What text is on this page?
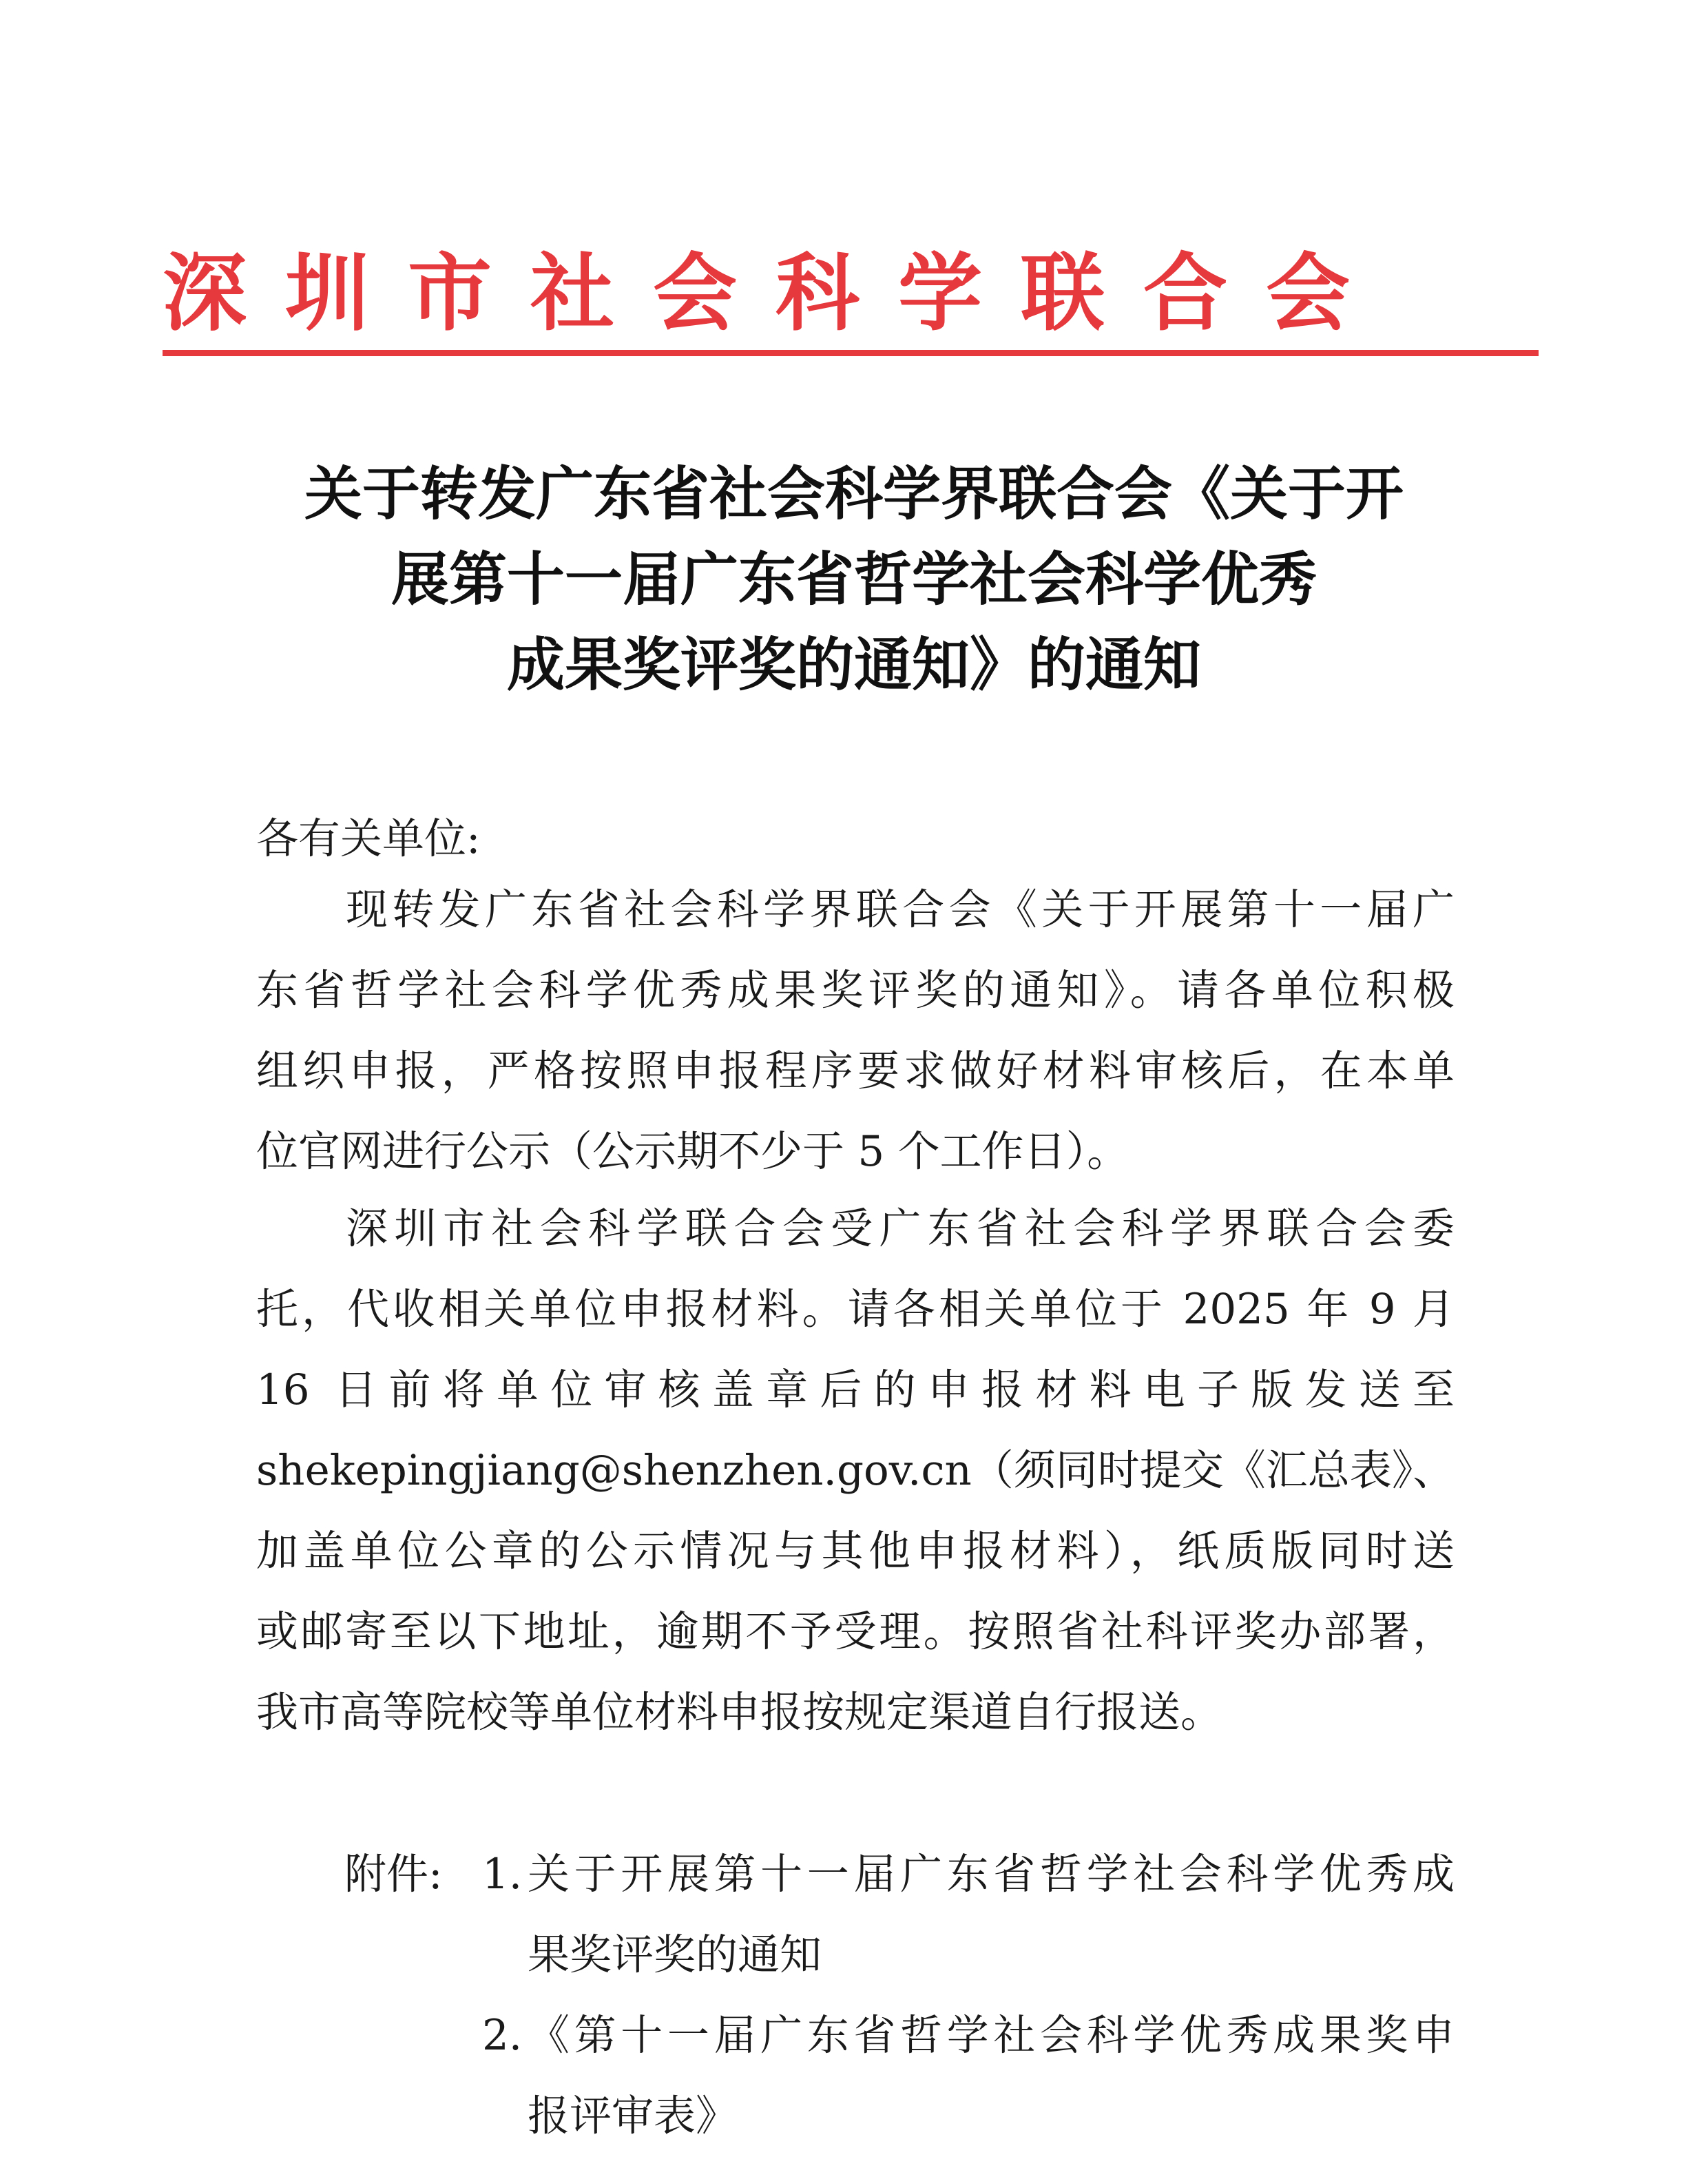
深圳市社会科学联合会
关于转发广东省社会科学界联合会《关于开
展第十一届广东省哲学社会科学优秀
成果奖评奖的通知》的通知
各有关单位:
现转发广东省社会科学界联合会《关于开展第十一届广
东省哲学社会科学优秀成果奖评奖的通知》。请各单位积极
组织申报，严格按照申报程序要求做好材料审核后，在本单
位官网进行公示（公示期不少于 5 个工作日）。
深圳市社会科学联合会受广东省社会科学界联合会委
托，代收相关单位申报材料。请各相关单位于 2025 年 9 月
16 日前将单位审核盖章后的申报材料电子版发送至
shekepingjiang@shenzhen.gov.cn（须同时提交《汇总表》、
加盖单位公章的公示情况与其他申报材料），纸质版同时送
或邮寄至以下地址，逾期不予受理。按照省社科评奖办部署，
我市高等院校等单位材料申报按规定渠道自行报送。
附件: 1. 关于开展第十一届广东省哲学社会科学优秀成
果奖评奖的通知
2. 《第十一届广东省哲学社会科学优秀成果奖申
报评审表》
